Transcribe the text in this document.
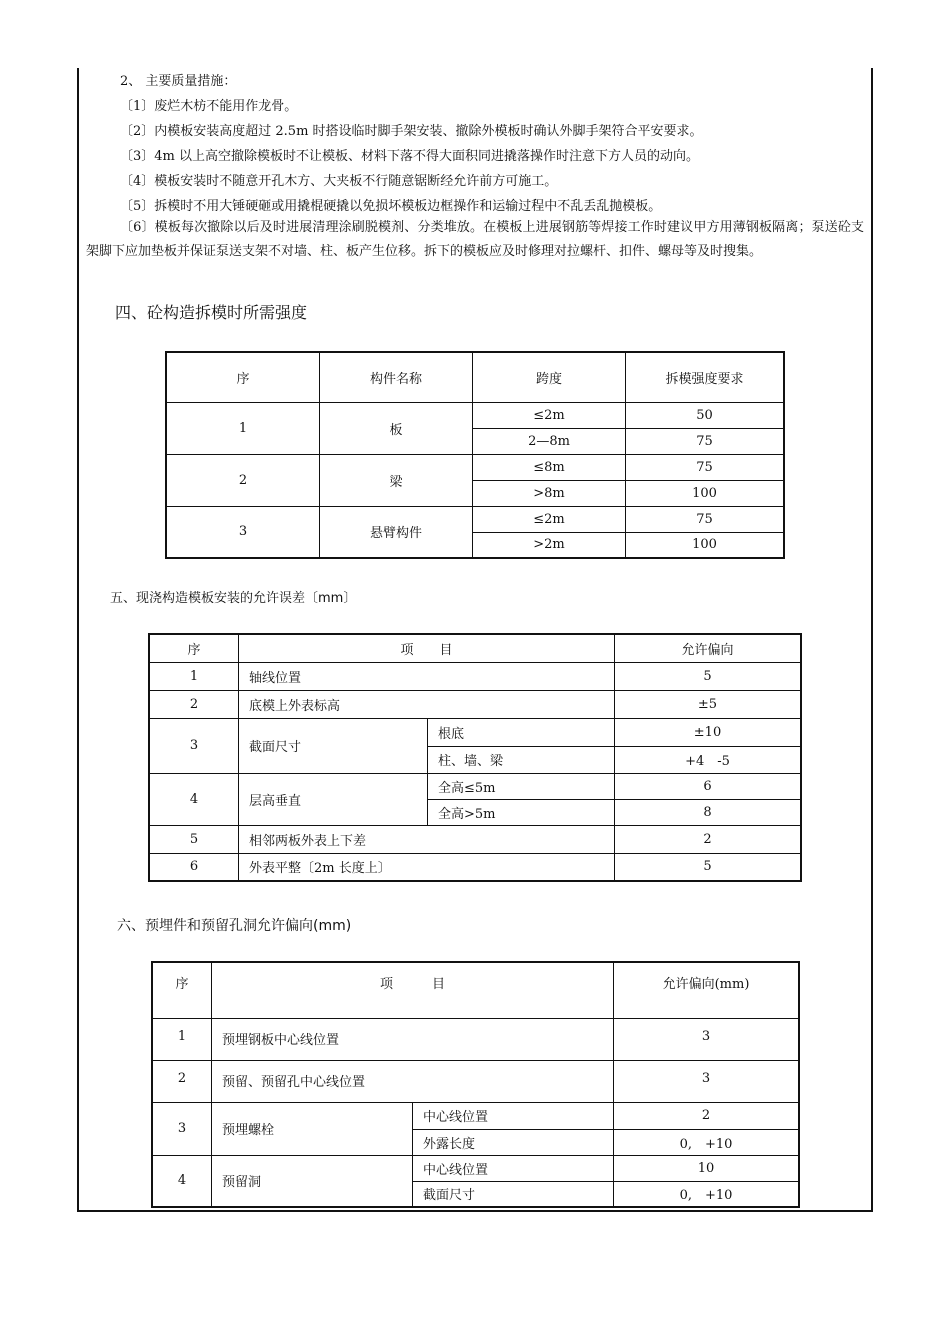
2、 主要质量措施：

〔1〕废烂木枋不能用作龙骨。

〔2〕内模板安装高度超过 2.5m 时搭设临时脚手架安装、撤除外模板时确认外脚手架符合平安要求。

〔3〕4m 以上高空撤除模板时不让模板、材料下落不得大面积同进撬落操作时注意下方人员的动向。

〔4〕模板安装时不随意开孔木方、大夹板不行随意锯断经允许前方可施工。

〔5〕拆模时不用大锤硬砸或用撬棍硬撬以免损坏模板边框操作和运输过程中不乱丢乱抛模板。

〔6〕模板每次撤除以后及时进展清理涂刷脱模剂、分类堆放。在模板上进展钢筋等焊接工作时建议甲方用薄钢板隔离；泵送砼支架脚下应加垫板并保证泵送支架不对墙、柱、板产生位移。拆下的模板应及时修理对拉螺杆、扣件、螺母等及时搜集。

四、砼构造拆模时所需强度

序	构件名称	跨度	拆模强度要求
1	板	≤2m	50
		2—8m	75
2	梁	≤8m	75
		>8m	100
3	悬臂构件	≤2m	75
		>2m	100

五、现浇构造模板安装的允许误差〔mm〕

序	项　　目		允许偏向
1	轴线位置		5
2	底模上外表标高		±5
3	截面尺寸	根底	±10
		柱、墙、梁	+4　-5
4	层高垂直	全高≤5m	6
		全高>5m	8
5	相邻两板外表上下差		2
6	外表平整〔2m 长度上〕		5

六、预埋件和预留孔洞允许偏向(mm)

序	项　　　目		允许偏向(mm)
1	预埋钢板中心线位置		3
2	预留、预留孔中心线位置		3
3	预埋螺栓	中心线位置	2
		外露长度	0,　+10
4	预留洞	中心线位置	10
		截面尺寸	0,　+10
